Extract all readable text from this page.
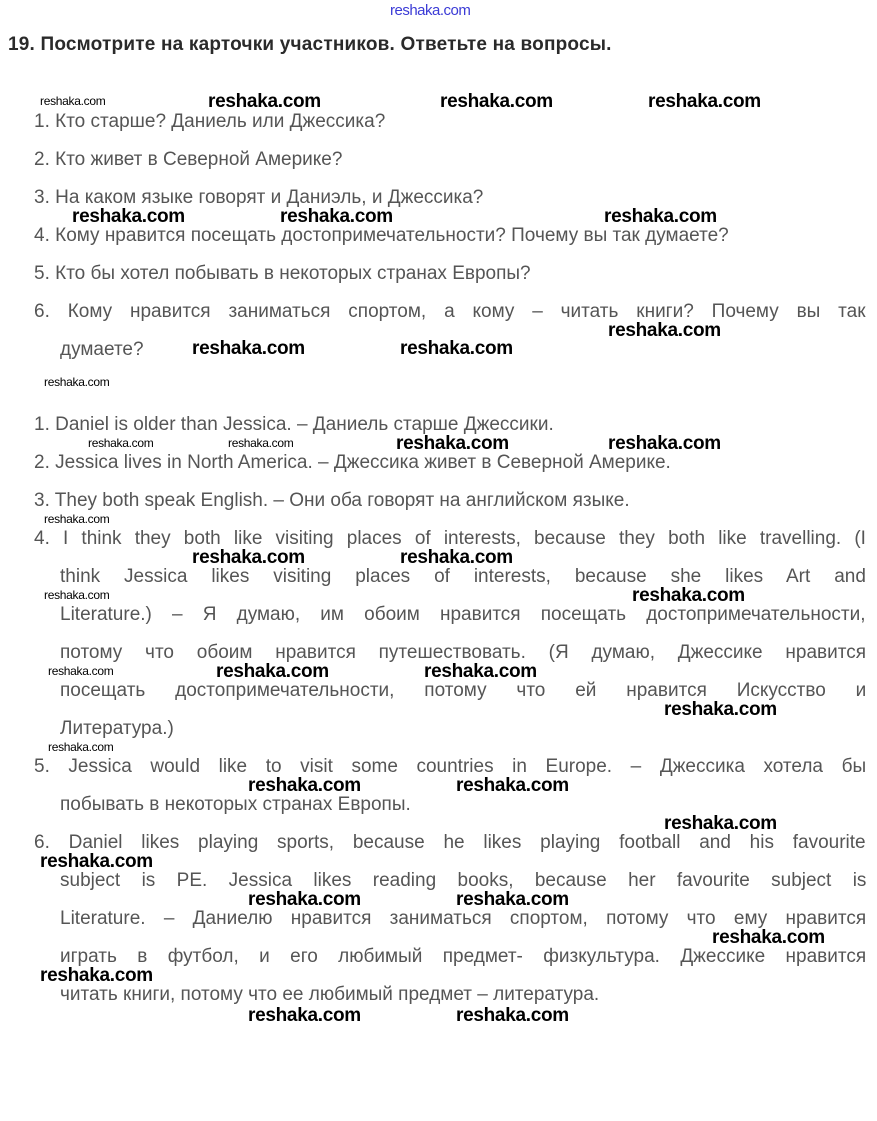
reshaka.com
19. Посмотрите на карточки участников. Ответьте на вопросы.
1. Кто старше? Даниель или Джессика?
2. Кто живет в Северной Америке?
3. На каком языке говорят и Даниэль, и Джессика?
4. Кому нравится посещать достопримечательности? Почему вы так думаете?
5. Кто бы хотел побывать в некоторых странах Европы?
6. Кому нравится заниматься спортом, а кому – читать книги? Почему вы так
думаете?
1. Daniel is older than Jessica. – Даниель старше Джессики.
2. Jessica lives in North America. – Джессика живет в Северной Америке.
3. They both speak English. – Они оба говорят на английском языке.
4. I think they both like visiting places of interests, because they both like travelling. (I
think Jessica likes visiting places of interests, because she likes Art and
Literature.) – Я думаю, им обоим нравится посещать достопримечательности,
потому что обоим нравится путешествовать. (Я думаю, Джессике нравится
посещать достопримечательности, потому что ей нравится Искусство и
Литература.)
5. Jessica would like to visit some countries in Europe. – Джессика хотела бы
побывать в некоторых странах Европы.
6. Daniel likes playing sports, because he likes playing football and his favourite
subject is PE. Jessica likes reading books, because her favourite subject is
Literature. – Даниелю нравится заниматься спортом, потому что ему нравится
играть в футбол, и его любимый предмет- физкультура. Джессике нравится
читать книги, потому что ее любимый предмет – литература.
reshaka.com	reshaka.com	reshaka.com	reshaka.com
reshaka.com	reshaka.com	reshaka.com
reshaka.com
reshaka.com	reshaka.com
reshaka.com
reshaka.com	reshaka.com	reshaka.com	reshaka.com
reshaka.com
reshaka.com	reshaka.com
reshaka.com	reshaka.com
reshaka.com	reshaka.com	reshaka.com
reshaka.com
reshaka.com
reshaka.com	reshaka.com
reshaka.com
reshaka.com
reshaka.com	reshaka.com
reshaka.com
reshaka.com
reshaka.com	reshaka.com
